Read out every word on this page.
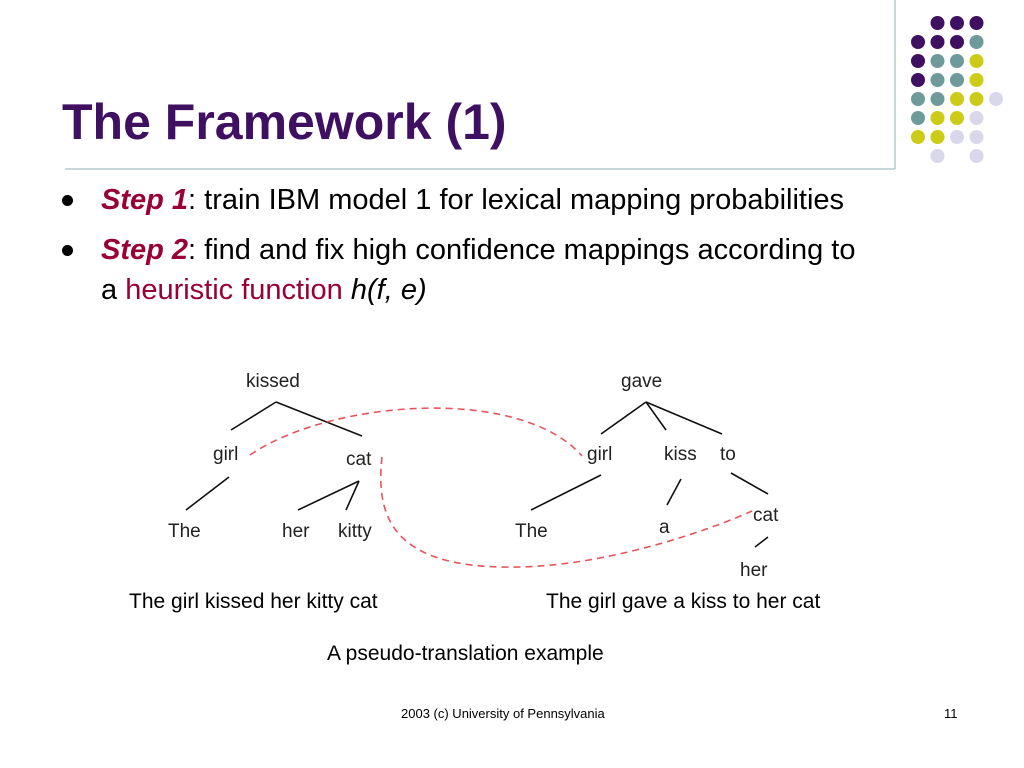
The Framework (1)
Step 1: train IBM model 1 for lexical mapping probabilities
Step 2: find and fix high confidence mappings according to a heuristic function h(f, e)
kissed
girl	cat
The	her kitty
gave
girl	kiss to
The	a
cat
her
The girl kissed her kitty cat	The girl gave a kiss to her cat
A pseudo-translation example
2003 (c) University of Pennsylvania	11
